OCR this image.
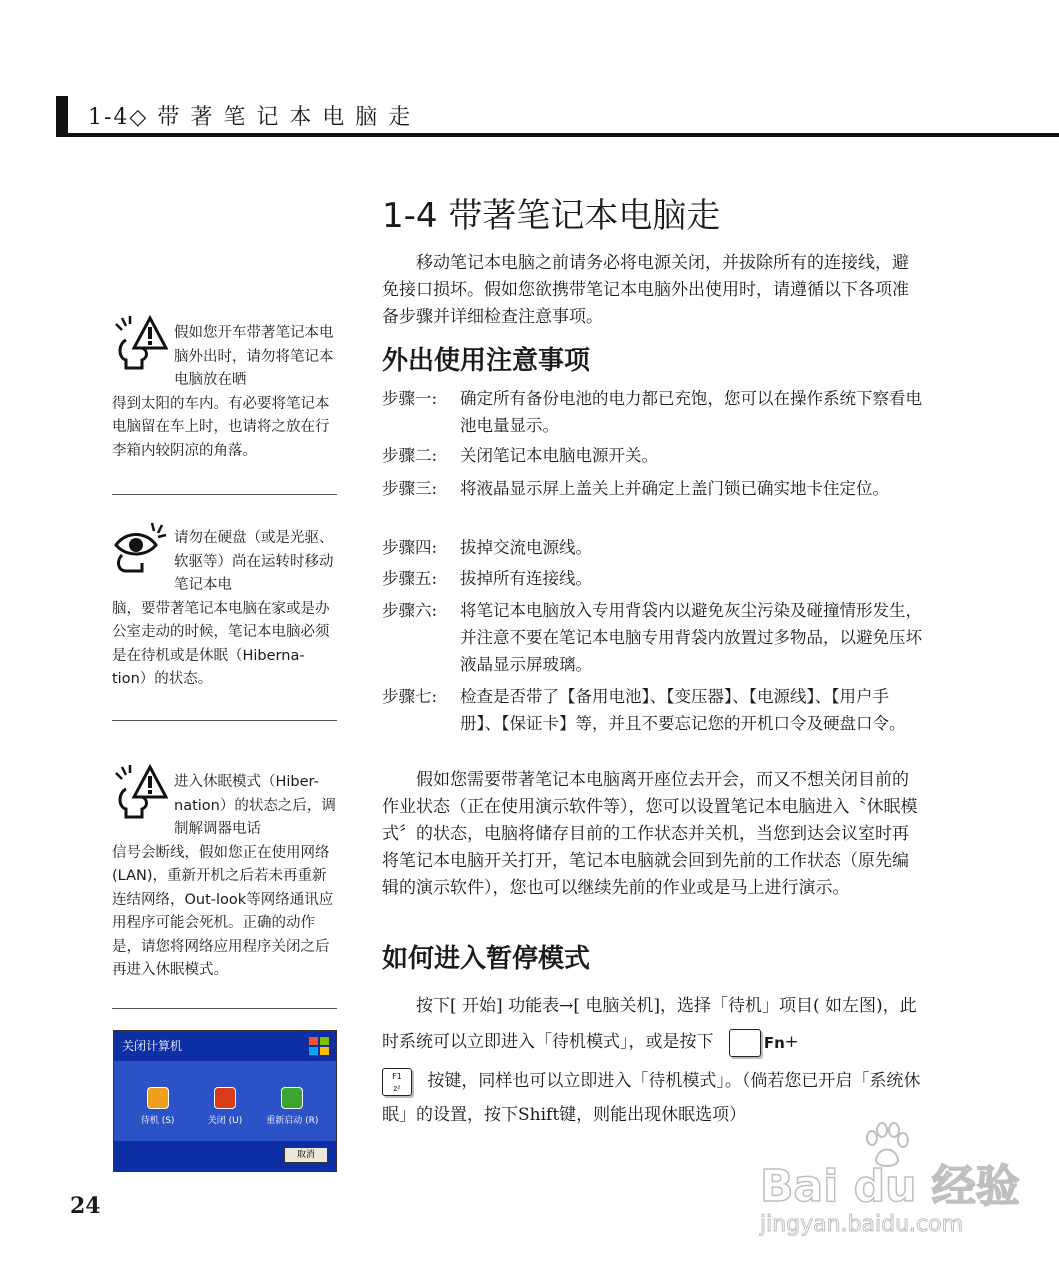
1-4◇ 带 著 笔 记 本 电 脑 走
1-4 带著笔记本电脑走
移动笔记本电脑之前请务必将电源关闭，并拔除所有的连接线，避免接口损坏。假如您欲携带笔记本电脑外出使用时，请遵循以下各项准备步骤并详细检查注意事项。
外出使用注意事项
步骤一: 确定所有备份电池的电力都已充饱，您可以在操作系统下察看电池电量显示。
步骤二: 关闭笔记本电脑电源开关。
步骤三: 将液晶显示屏上盖关上并确定上盖门锁已确实地卡住定位。
步骤四: 拔掉交流电源线。
步骤五: 拔掉所有连接线。
步骤六: 将笔记本电脑放入专用背袋内以避免灰尘污染及碰撞情形发生，并注意不要在笔记本电脑专用背袋内放置过多物品，以避免压坏液晶显示屏玻璃。
步骤七: 检查是否带了【备用电池】、【变压器】、【电源线】、【用户手册】、【保证卡】等，并且不要忘记您的开机口令及硬盘口令。
假如您需要带著笔记本电脑离开座位去开会，而又不想关闭目前的作业状态（正在使用演示软件等），您可以设置笔记本电脑进入〝休眠模式〞的状态，电脑将储存目前的工作状态并关机，当您到达会议室时再将笔记本电脑开关打开，笔记本电脑就会回到先前的工作状态（原先编辑的演示软件），您也可以继续先前的作业或是马上进行演示。
如何进入暂停模式
按下[ 开始] 功能表→[ 电脑关机]，选择「待机」项目( 如左图)，此时系统可以立即进入「待机模式」，或是按下	Fn +
F1
z²	按键，同样也可以立即进入「待机模式」。（倘若您已开启「系统休眠」的设置，按下Shift键，则能出现休眠选项）
假如您开车带著笔记本电脑外出时，请勿将笔记本电脑放在晒
得到太阳的车内。有必要将笔记本电脑留在车上时，也请将之放在行李箱内较阴凉的角落。
请勿在硬盘（或是光驱、软驱等）尚在运转时移动笔记本电
脑，要带著笔记本电脑在家或是办公室走动的时候，笔记本电脑必须是在待机或是休眠（Hiberna-tion）的状态。
进入休眠模式（Hiber-nation）的状态之后，调制解调器电话
信号会断线，假如您正在使用网络(LAN)，重新开机之后若未再重新连结网络，Out-look等网络通讯应用程序可能会死机。正确的动作是，请您将网络应用程序关闭之后再进入休眠模式。
关闭计算机
待机 (S)	关闭 (U)	重新启动 (R)
取消
24	Bai du 经验
jingyan.baidu.com
